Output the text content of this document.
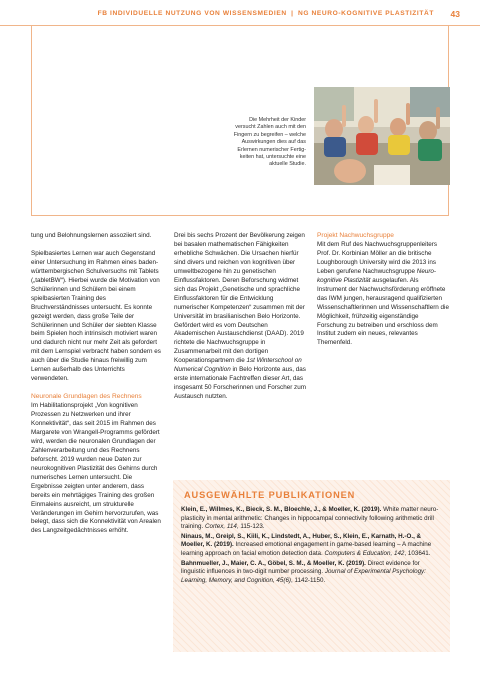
FB INDIVIDUELLE NUTZUNG VON WISSENSMEDIEN | NG NEURO-KOGNITIVE PLASTIZITÄT 43
Die Mehrheit der Kinder
versucht Zahlen auch mit den
Fingern zu begreifen – welche
Auswirkungen dies auf das
Erlernen numerischer Fertig-
keiten hat, untersuchte eine
aktuelle Studie.

tung und Belohnungslernen assoziiert sind.

Spielbasiertes Lernen war auch Gegenstand einer Untersuchung im Rahmen eines baden-württembergischen Schulversuchs mit Tablets („tabletBW“). Hierbei wurde die Motivation von Schülerinnen und Schülern bei einem spielbasierten Training des Bruchverständnisses untersucht. Es konnte gezeigt werden, dass große Teile der Schülerinnen und Schüler der siebten Klasse beim Spielen hoch intrinsisch motiviert waren und dadurch nicht nur mehr Zeit als gefordert mit dem Lernspiel verbracht haben sondern es auch über die Studie hinaus freiwillig zum Lernen außerhalb des Unterrichts verwendeten.

Neuronale Grundlagen des Rechnens

Im Habilitationsprojekt „Von kognitiven Prozessen zu Netzwerken und ihrer Konnektivität“, das seit 2015 im Rahmen des Margarete von Wrangell-Programms gefördert wird, werden die neuronalen Grundlagen der Zahlenverarbeitung und des Rechnens beforscht. 2019 wurden neue Daten zur neurokognitiven Plastizität des Gehirns durch numerisches Lernen untersucht. Die Ergebnisse zeigten unter anderem, dass bereits ein mehrtägiges Training des großen Einmaleins ausreicht, um strukturelle Veränderungen im Gehirn hervorzurufen, was belegt, dass sich die Konnektivität von Arealen des Langzeitgedächtnisses erhöht.

Drei bis sechs Prozent der Bevölkerung zeigen bei basalen mathematischen Fähigkeiten erhebliche Schwächen. Die Ursachen hierfür sind divers und reichen von kognitiven über umweltbezogene hin zu genetischen Einflussfaktoren. Deren Beforschung widmet sich das Projekt „Genetische und sprachliche Einflussfaktoren für die Entwicklung numerischer Kompetenzen“ zusammen mit der Universität im brasilianischen Belo Horizonte. Gefördert wird es vom Deutschen Akademischen Austauschdienst (DAAD). 2019 richtete die Nachwuchsgruppe in Zusammenarbeit mit den dortigen Kooperationspartnern die 1st Winterschool on Numerical Cognition in Belo Horizonte aus, das erste internationale Fachtreffen dieser Art, das insgesamt 50 Forscherinnen und Forscher zum Austausch nutzten.

Projekt Nachwuchsgruppe

Mit dem Ruf des Nachwuchsgruppenleiters Prof. Dr. Korbinian Möller an die britische Loughborough University wird die 2013 ins Leben gerufene Nachwuchsgruppe Neuro-kognitive Plastizität ausgelaufen. Als Instrument der Nachwuchsförderung eröffnete das IWM jungen, herausragend qualifizierten Wissenschaftlerinnen und Wissenschaftlern die Möglichkeit, frühzeitig eigenständige Forschung zu betreiben und erschloss dem Institut zudem ein neues, relevantes Themenfeld.

AUSGEWÄHLTE PUBLIKATIONEN
Klein, E., Willmes, K., Bieck, S. M., Bloechle, J., & Moeller, K. (2019). White matter neuro-plasticity in mental arithmetic: Changes in hippocampal connectivity following arithmetic drill training. Cortex, 114, 115-123.
Ninaus, M., Greipl, S., Kiili, K., Lindstedt, A., Huber, S., Klein, E., Karnath, H.-O., & Moeller, K. (2019). Increased emotional engagement in game-based learning – A machine learning approach on facial emotion detection data. Computers & Education, 142, 103641.
Bahnmueller, J., Maier, C. A., Göbel, S. M., & Moeller, K. (2019). Direct evidence for linguistic influences in two-digit number processing. Journal of Experimental Psychology: Learning, Memory, and Cognition, 45(6), 1142-1150.
